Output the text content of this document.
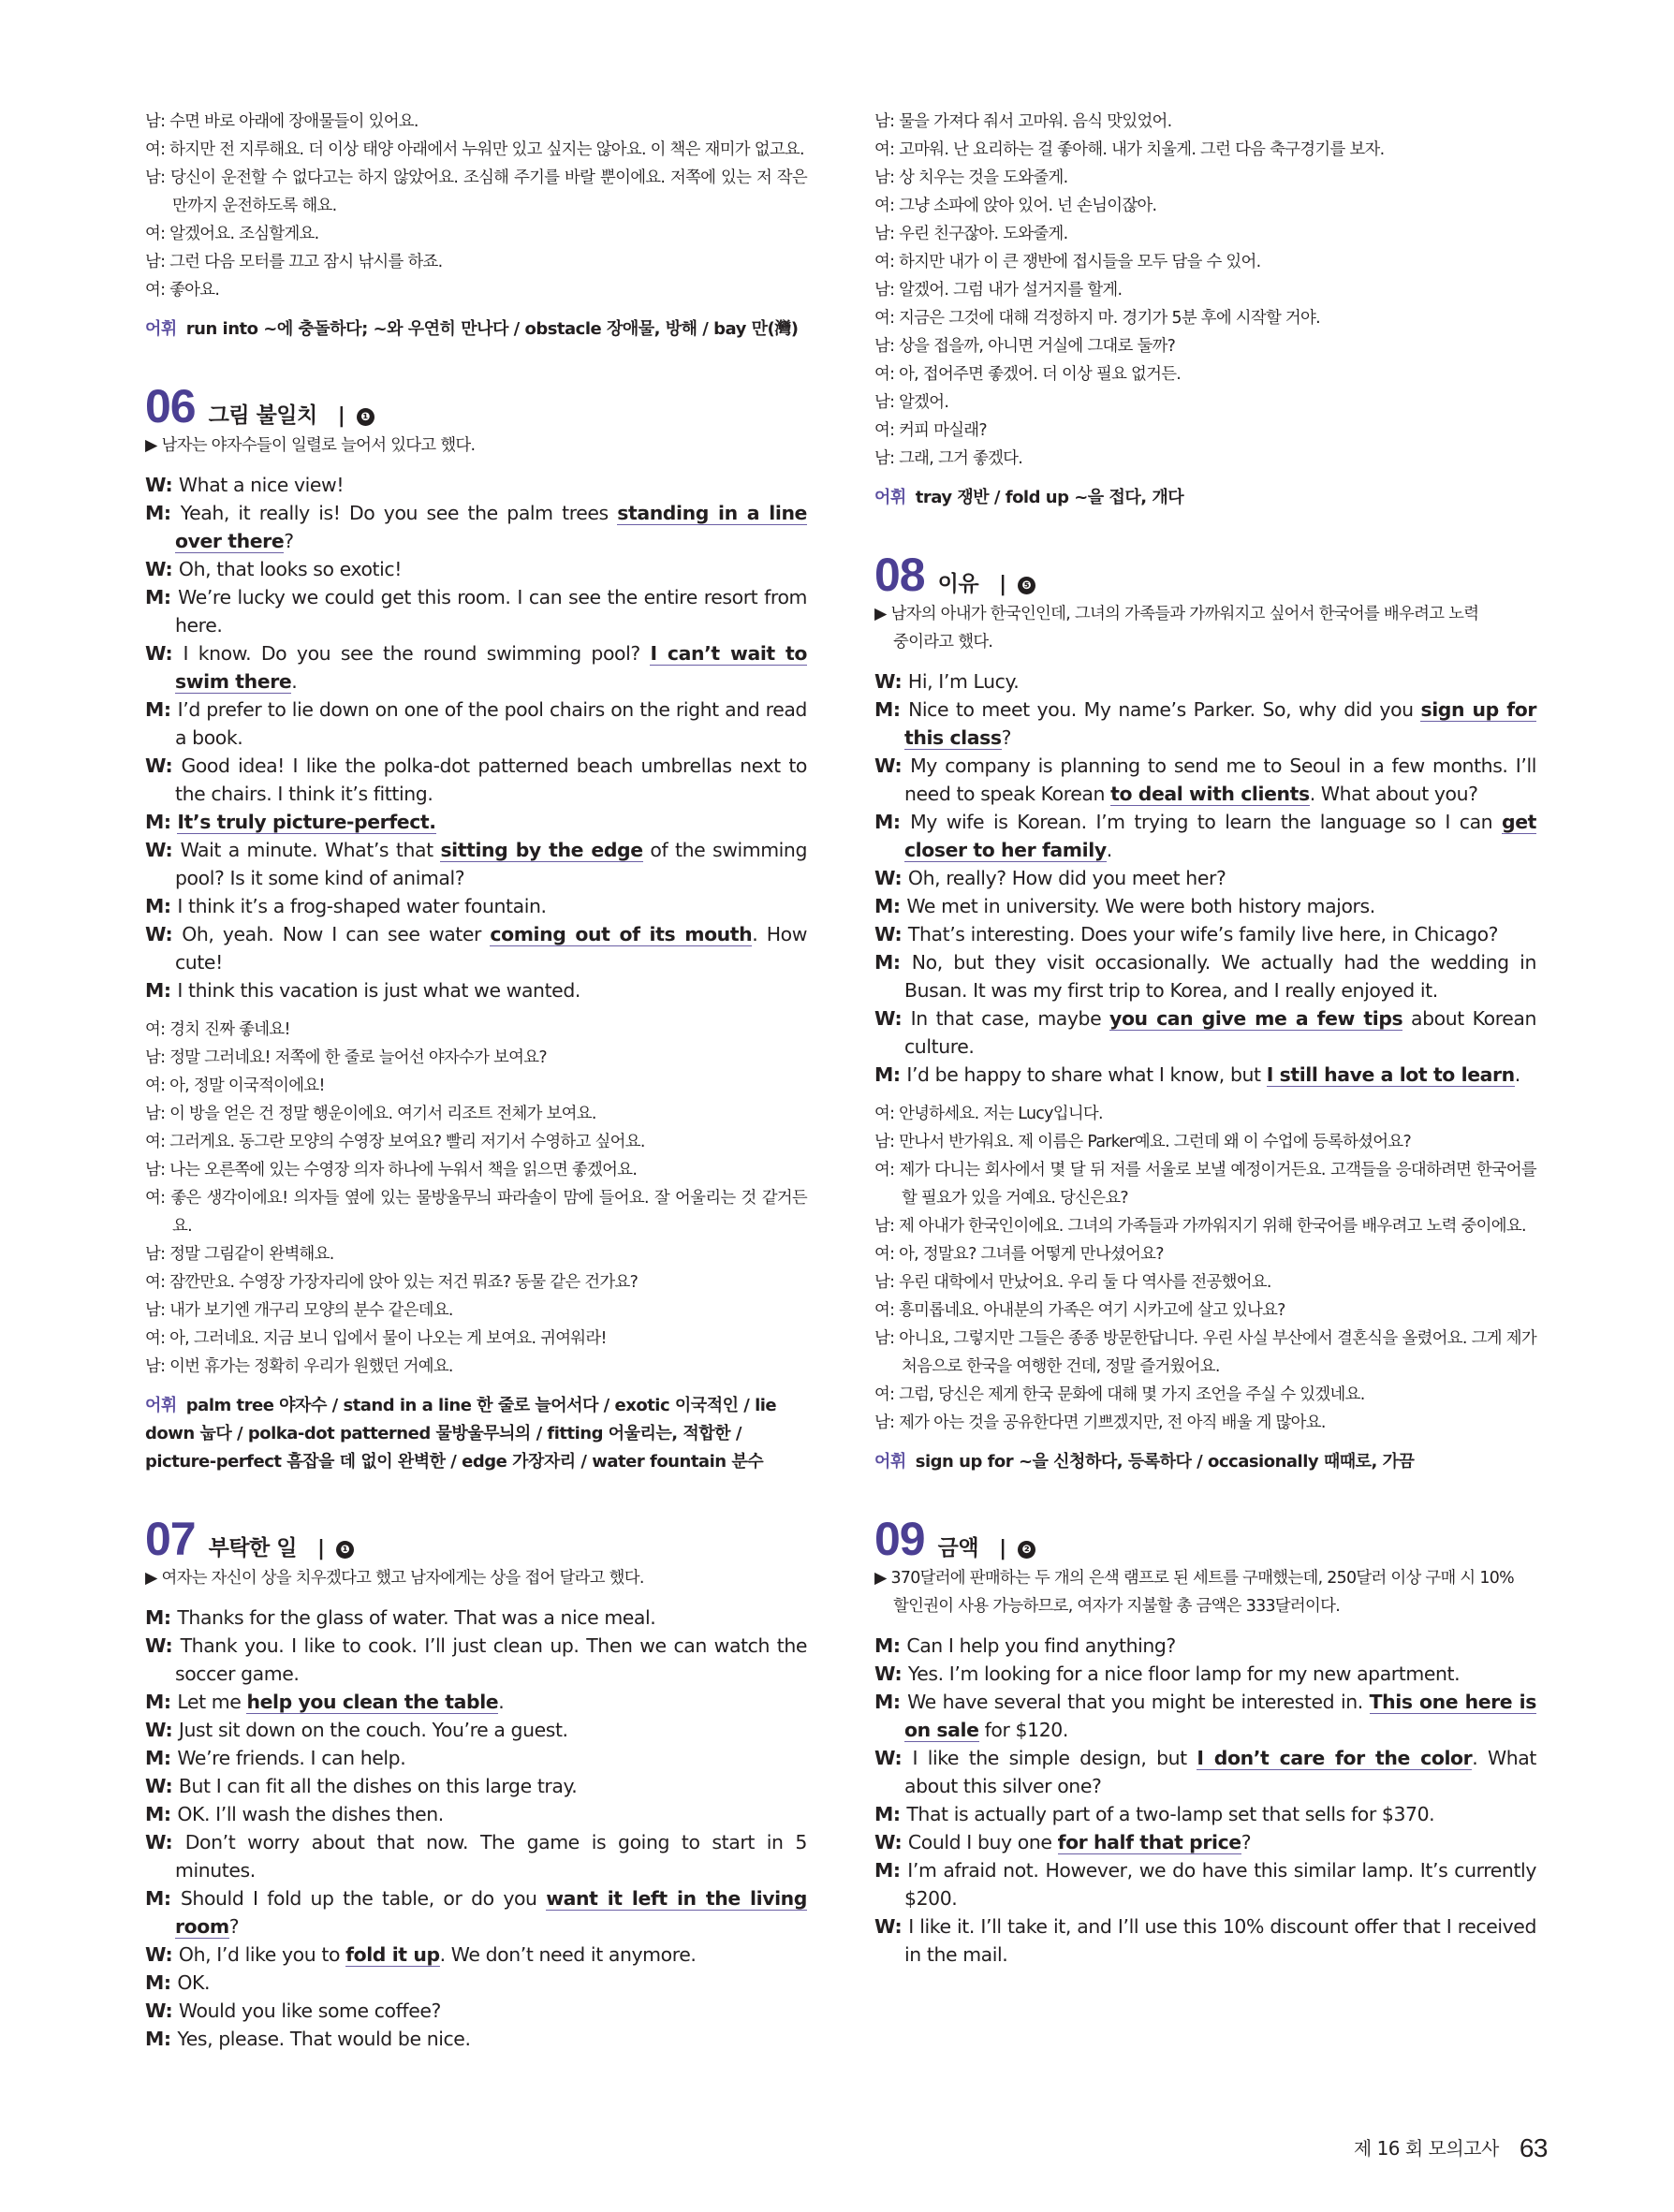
남: 수면 바로 아래에 장애물들이 있어요.
여: 하지만 전 지루해요. 더 이상 태양 아래에서 누워만 있고 싶지는 않아요. 이 책은 재미가 없고요.
남: 당신이 운전할 수 없다고는 하지 않았어요. 조심해 주기를 바랄 뿐이에요. 저쪽에 있는 저 작은 만까지 운전하도록 해요.
여: 알겠어요. 조심할게요.
남: 그런 다음 모터를 끄고 잠시 낚시를 하죠.
여: 좋아요.
어휘 run into ~에 충돌하다; ~와 우연히 만나다 / obstacle 장애물, 방해 / bay 만(灣)
06 그림 불일치 |	❶
▶ 남자는 야자수들이 일렬로 늘어서 있다고 했다.
W: What a nice view!
M: Yeah, it really is! Do you see the palm trees standing in a line over there?
W: Oh, that looks so exotic!
M: We’re lucky we could get this room. I can see the entire resort from here.
W: I know. Do you see the round swimming pool? I can’t wait to swim there.
M: I’d prefer to lie down on one of the pool chairs on the right and read a book.
W: Good idea! I like the polka-dot patterned beach umbrellas next to the chairs. I think it’s fitting.
M: It’s truly picture-perfect.
W: Wait a minute. What’s that sitting by the edge of the swimming pool? Is it some kind of animal?
M: I think it’s a frog-shaped water fountain.
W: Oh, yeah. Now I can see water coming out of its mouth. How cute!
M: I think this vacation is just what we wanted.
여: 경치 진짜 좋네요!
남: 정말 그러네요! 저쪽에 한 줄로 늘어선 야자수가 보여요?
여: 아, 정말 이국적이에요!
남: 이 방을 얻은 건 정말 행운이에요. 여기서 리조트 전체가 보여요.
여: 그러게요. 동그란 모양의 수영장 보여요? 빨리 저기서 수영하고 싶어요.
남: 나는 오른쪽에 있는 수영장 의자 하나에 누워서 책을 읽으면 좋겠어요.
여: 좋은 생각이에요! 의자들 옆에 있는 물방울무늬 파라솔이 맘에 들어요. 잘 어울리는 것 같거든요.
남: 정말 그림같이 완벽해요.
여: 잠깐만요. 수영장 가장자리에 앉아 있는 저건 뭐죠? 동물 같은 건가요?
남: 내가 보기엔 개구리 모양의 분수 같은데요.
여: 아, 그러네요. 지금 보니 입에서 물이 나오는 게 보여요. 귀여워라!
남: 이번 휴가는 정확히 우리가 원했던 거예요.
어휘 palm tree 야자수 / stand in a line 한 줄로 늘어서다 / exotic 이국적인 / lie down 눕다 / polka-dot patterned 물방울무늬의 / fitting 어울리는, 적합한 / picture-perfect 흠잡을 데 없이 완벽한 / edge 가장자리 / water fountain 분수
07 부탁한 일 |	❶
▶ 여자는 자신이 상을 치우겠다고 했고 남자에게는 상을 접어 달라고 했다.
M: Thanks for the glass of water. That was a nice meal.
W: Thank you. I like to cook. I’ll just clean up. Then we can watch the soccer game.
M: Let me help you clean the table.
W: Just sit down on the couch. You’re a guest.
M: We’re friends. I can help.
W: But I can fit all the dishes on this large tray.
M: OK. I’ll wash the dishes then.
W: Don’t worry about that now. The game is going to start in 5 minutes.
M: Should I fold up the table, or do you want it left in the living room?
W: Oh, I’d like you to fold it up. We don’t need it anymore.
M: OK.
W: Would you like some coffee?
M: Yes, please. That would be nice.
남: 물을 가져다 줘서 고마워. 음식 맛있었어.
여: 고마워. 난 요리하는 걸 좋아해. 내가 치울게. 그런 다음 축구경기를 보자.
남: 상 치우는 것을 도와줄게.
여: 그냥 소파에 앉아 있어. 넌 손님이잖아.
남: 우린 친구잖아. 도와줄게.
여: 하지만 내가 이 큰 쟁반에 접시들을 모두 담을 수 있어.
남: 알겠어. 그럼 내가 설거지를 할게.
여: 지금은 그것에 대해 걱정하지 마. 경기가 5분 후에 시작할 거야.
남: 상을 접을까, 아니면 거실에 그대로 둘까?
여: 아, 접어주면 좋겠어. 더 이상 필요 없거든.
남: 알겠어.
여: 커피 마실래?
남: 그래, 그거 좋겠다.
어휘 tray 쟁반 / fold up ~을 접다, 개다
08 이유 |	❺
▶ 남자의 아내가 한국인인데, 그녀의 가족들과 가까워지고 싶어서 한국어를 배우려고 노력
중이라고 했다.
W: Hi, I’m Lucy.
M: Nice to meet you. My name’s Parker. So, why did you sign up for this class?
W: My company is planning to send me to Seoul in a few months. I’ll need to speak Korean to deal with clients. What about you?
M: My wife is Korean. I’m trying to learn the language so I can get closer to her family.
W: Oh, really? How did you meet her?
M: We met in university. We were both history majors.
W: That’s interesting. Does your wife’s family live here, in Chicago?
M: No, but they visit occasionally. We actually had the wedding in Busan. It was my first trip to Korea, and I really enjoyed it.
W: In that case, maybe you can give me a few tips about Korean culture.
M: I’d be happy to share what I know, but I still have a lot to learn.
여: 안녕하세요. 저는 Lucy입니다.
남: 만나서 반가워요. 제 이름은 Parker예요. 그런데 왜 이 수업에 등록하셨어요?
여: 제가 다니는 회사에서 몇 달 뒤 저를 서울로 보낼 예정이거든요. 고객들을 응대하려면 한국어를 할 필요가 있을 거예요. 당신은요?
남: 제 아내가 한국인이에요. 그녀의 가족들과 가까워지기 위해 한국어를 배우려고 노력 중이에요.
여: 아, 정말요? 그녀를 어떻게 만나셨어요?
남: 우린 대학에서 만났어요. 우리 둘 다 역사를 전공했어요.
여: 흥미롭네요. 아내분의 가족은 여기 시카고에 살고 있나요?
남: 아니요, 그렇지만 그들은 종종 방문한답니다. 우린 사실 부산에서 결혼식을 올렸어요. 그게 제가 처음으로 한국을 여행한 건데, 정말 즐거웠어요.
여: 그럼, 당신은 제게 한국 문화에 대해 몇 가지 조언을 주실 수 있겠네요.
남: 제가 아는 것을 공유한다면 기쁘겠지만, 전 아직 배울 게 많아요.
어휘 sign up for ~을 신청하다, 등록하다 / occasionally 때때로, 가끔
09 금액 |	❷
▶ 370달러에 판매하는 두 개의 은색 램프로 된 세트를 구매했는데, 250달러 이상 구매 시 10%
할인권이 사용 가능하므로, 여자가 지불할 총 금액은 333달러이다.
M: Can I help you find anything?
W: Yes. I’m looking for a nice floor lamp for my new apartment.
M: We have several that you might be interested in. This one here is on sale for $120.
W: I like the simple design, but I don’t care for the color. What about this silver one?
M: That is actually part of a two-lamp set that sells for $370.
W: Could I buy one for half that price?
M: I’m afraid not. However, we do have this similar lamp. It’s currently $200.
W: I like it. I’ll take it, and I’ll use this 10% discount offer that I received in the mail.
제 16 회 모의고사 63
